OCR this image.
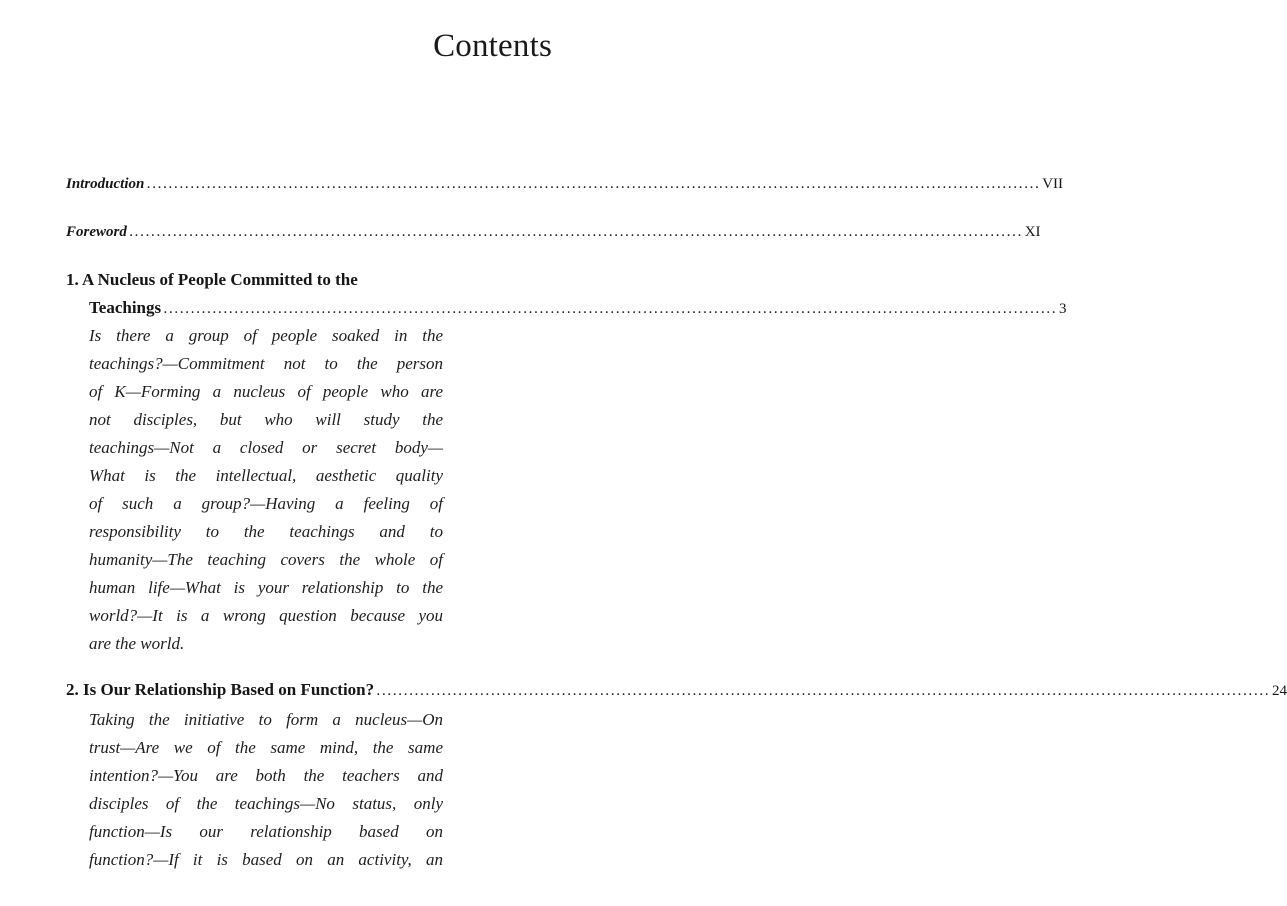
Contents
Introduction .................................................................................................................................................................... VII
Foreword .................................................................................................................................................................... XI
1. A Nucleus of People Committed to the
Teachings .................................................................................................................................................................... 3
Is there a group of people soaked in the
teachings?—Commitment not to the person
of K—Forming a nucleus of people who are
not disciples, but who will study the
teachings—Not a closed or secret body—
What is the intellectual, aesthetic quality
of such a group?—Having a feeling of
responsibility to the teachings and to
humanity—The teaching covers the whole of
human life—What is your relationship to the
world?—It is a wrong question because you
are the world.
2. Is Our Relationship Based on Function? .................................................................................................................................................................... 24
Taking the initiative to form a nucleus—On
trust—Are we of the same mind, the same
intention?—You are both the teachers and
disciples of the teachings—No status, only
function—Is our relationship based on
function?—If it is based on an activity, an
